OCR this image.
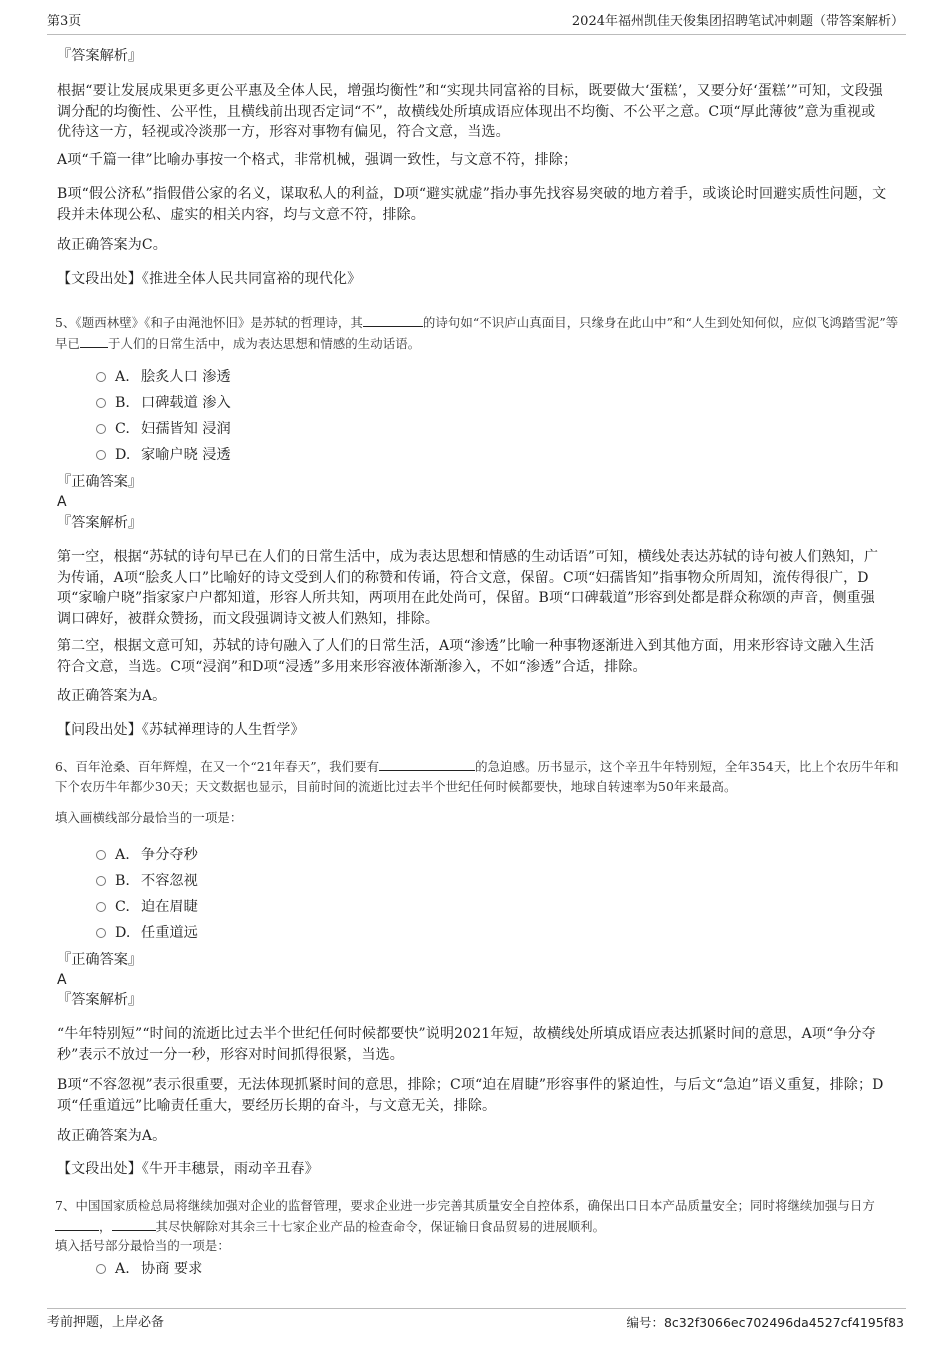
第3页	2024年福州凯佳天俊集团招聘笔试冲刺题（带答案解析）
『答案解析』
根据“要让发展成果更多更公平惠及全体人民，增强均衡性”和“实现共同富裕的目标，既要做大‘蛋糕’，又要分好‘蛋糕’”可知，文段强调分配的均衡性、公平性，且横线前出现否定词“不”，故横线处所填成语应体现出不均衡、不公平之意。C项“厚此薄彼”意为重视或优待这一方，轻视或冷淡那一方，形容对事物有偏见，符合文意，当选。
A项“千篇一律”比喻办事按一个格式，非常机械，强调一致性，与文意不符，排除；
B项“假公济私”指假借公家的名义，谋取私人的利益，D项“避实就虚”指办事先找容易突破的地方着手，或谈论时回避实质性问题，文段并未体现公私、虚实的相关内容，均与文意不符，排除。
故正确答案为C。
【文段出处】《推进全体人民共同富裕的现代化》
5、《题西林壁》《和子由渑池怀旧》是苏轼的哲理诗，其	的诗句如“不识庐山真面目，只缘身在此山中”和“人生到处知何似，应似飞鸿踏雪泥”等早已 于人们的日常生活中，成为表达思想和情感的生动话语。
A. 脍炙人口 渗透
B. 口碑载道 渗入
C. 妇孺皆知 浸润
D. 家喻户晓 浸透
『正确答案』
A
『答案解析』
第一空，根据“苏轼的诗句早已在人们的日常生活中，成为表达思想和情感的生动话语”可知，横线处表达苏轼的诗句被人们熟知，广为传诵，A项“脍炙人口”比喻好的诗文受到人们的称赞和传诵，符合文意，保留。C项“妇孺皆知”指事物众所周知，流传得很广，D项“家喻户晓”指家家户户都知道，形容人所共知，两项用在此处尚可，保留。B项“口碑载道”形容到处都是群众称颂的声音，侧重强调口碑好，被群众赞扬，而文段强调诗文被人们熟知，排除。
第二空，根据文意可知，苏轼的诗句融入了人们的日常生活，A项“渗透”比喻一种事物逐渐进入到其他方面，用来形容诗文融入生活符合文意，当选。C项“浸润”和D项“浸透”多用来形容液体渐渐渗入，不如“渗透”合适，排除。
故正确答案为A。
【问段出处】《苏轼禅理诗的人生哲学》
6、百年沧桑、百年辉煌，在又一个“21年春天”，我们要有	的急迫感。历书显示，这个辛丑牛年特别短，全年354天，比上个农历牛年和下个农历牛年都少30天；天文数据也显示，目前时间的流逝比过去半个世纪任何时候都要快，地球自转速率为50年来最高。
填入画横线部分最恰当的一项是：
A. 争分夺秒
B. 不容忽视
C. 迫在眉睫
D. 任重道远
『正确答案』
A
『答案解析』
“牛年特别短”“时间的流逝比过去半个世纪任何时候都要快”说明2021年短，故横线处所填成语应表达抓紧时间的意思，A项“争分夺秒”表示不放过一分一秒，形容对时间抓得很紧，当选。
B项“不容忽视”表示很重要，无法体现抓紧时间的意思，排除；C项“迫在眉睫”形容事件的紧迫性，与后文“急迫”语义重复，排除；D项“任重道远”比喻责任重大，要经历长期的奋斗，与文意无关，排除。
故正确答案为A。
【文段出处】《牛开丰穗景，雨动辛丑春》
7、中国国家质检总局将继续加强对企业的监督管理，要求企业进一步完善其质量安全自控体系，确保出口日本产品质量安全；同时将继续加强与日方，	其尽快解除对其余三十七家企业产品的检查命令，保证输日食品贸易的进展顺利。
填入括号部分最恰当的一项是：
A. 协商 要求
考前押题，上岸必备	编号：8c32f3066ec702496da4527cf4195f83
